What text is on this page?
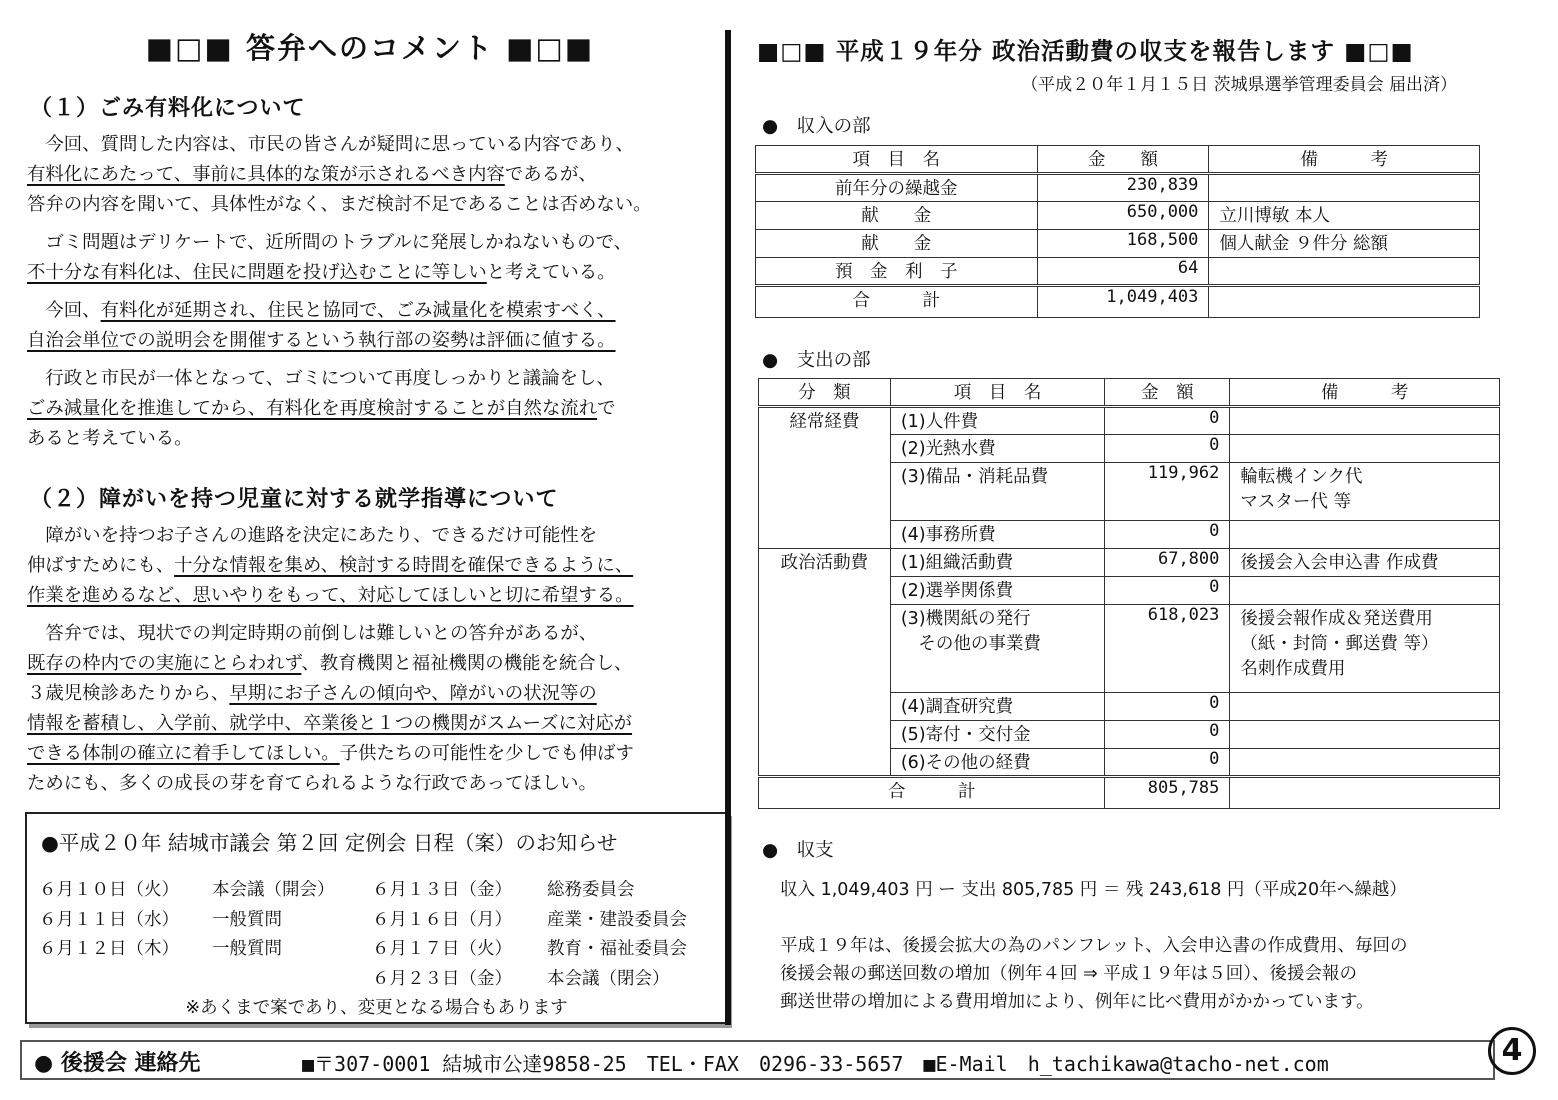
■□■ 答弁へのコメント ■□■
（１）ごみ有料化について
　今回、質問した内容は、市民の皆さんが疑問に思っている内容であり、
有料化にあたって、事前に具体的な策が示されるべき内容であるが、
答弁の内容を聞いて、具体性がなく、まだ検討不足であることは否めない。
　ゴミ問題はデリケートで、近所間のトラブルに発展しかねないもので、
不十分な有料化は、住民に問題を投げ込むことに等しいと考えている。
　今回、有料化が延期され、住民と協同で、ごみ減量化を模索すべく、
自治会単位での説明会を開催するという執行部の姿勢は評価に値する。
　行政と市民が一体となって、ゴミについて再度しっかりと議論をし、
ごみ減量化を推進してから、有料化を再度検討することが自然な流れで
あると考えている。
（２）障がいを持つ児童に対する就学指導について
　障がいを持つお子さんの進路を決定にあたり、できるだけ可能性を
伸ばすためにも、十分な情報を集め、検討する時間を確保できるように、
作業を進めるなど、思いやりをもって、対応してほしいと切に希望する。
　答弁では、現状での判定時期の前倒しは難しいとの答弁があるが、
既存の枠内での実施にとらわれず、教育機関と福祉機関の機能を統合し、
３歳児検診あたりから、早期にお子さんの傾向や、障がいの状況等の
情報を蓄積し、入学前、就学中、卒業後と１つの機関がスムーズに対応が
できる体制の確立に着手してほしい。子供たちの可能性を少しでも伸ばす
ためにも、多くの成長の芽を育てられるような行政であってほしい。
●平成２０年 結城市議会 第２回 定例会 日程（案）のお知らせ
６月１０日（火） 本会議（開会）
６月１１日（水） 一般質問
６月１２日（木） 一般質問
６月１３日（金） 総務委員会
６月１６日（月） 産業・建設委員会
６月１７日（火） 教育・福祉委員会
６月２３日（金） 本会議（閉会）
※あくまで案であり、変更となる場合もあります
■□■ 平成１９年分 政治活動費の収支を報告します ■□■
（平成２０年１月１５日 茨城県選挙管理委員会 届出済）
●　収入の部
項　目　名	金　　額	備　　　考
前年分の繰越金	230,839	
献　　金	650,000	立川博敏 本人
献　　金	168,500	個人献金 ９件分 総額
預　金　利　子	64	
合　　　計	1,049,403	
●　支出の部
分　類	項　目　名	金　額	備　　　考
経常経費	(1)人件費	0	
	(2)光熱水費	0	
	(3)備品・消耗品費	119,962	輪転機インク代
マスター代 等
	(4)事務所費	0	
政治活動費	(1)組織活動費	67,800	後援会入会申込書 作成費
	(2)選挙関係費	0	
	(3)機関紙の発行
　その他の事業費	618,023	後援会報作成＆発送費用
（紙・封筒・郵送費 等）
名刺作成費用
	(4)調査研究費	0	
	(5)寄付・交付金	0	
	(6)その他の経費	0	
合　　　計		805,785	
●　収支
収入 1,049,403 円 ー 支出 805,785 円 ＝ 残 243,618 円（平成20年へ繰越）
平成１９年は、後援会拡大の為のパンフレット、入会申込書の作成費用、毎回の
後援会報の郵送回数の増加（例年４回 ⇒ 平成１９年は５回）、後援会報の
郵送世帯の増加による費用増加により、例年に比べ費用がかかっています。
● 後援会 連絡先	■〒307-0001 結城市公達9858-25　TEL・FAX　0296-33-5657　■E-Mail　h_tachikawa@tacho-net.com	4
